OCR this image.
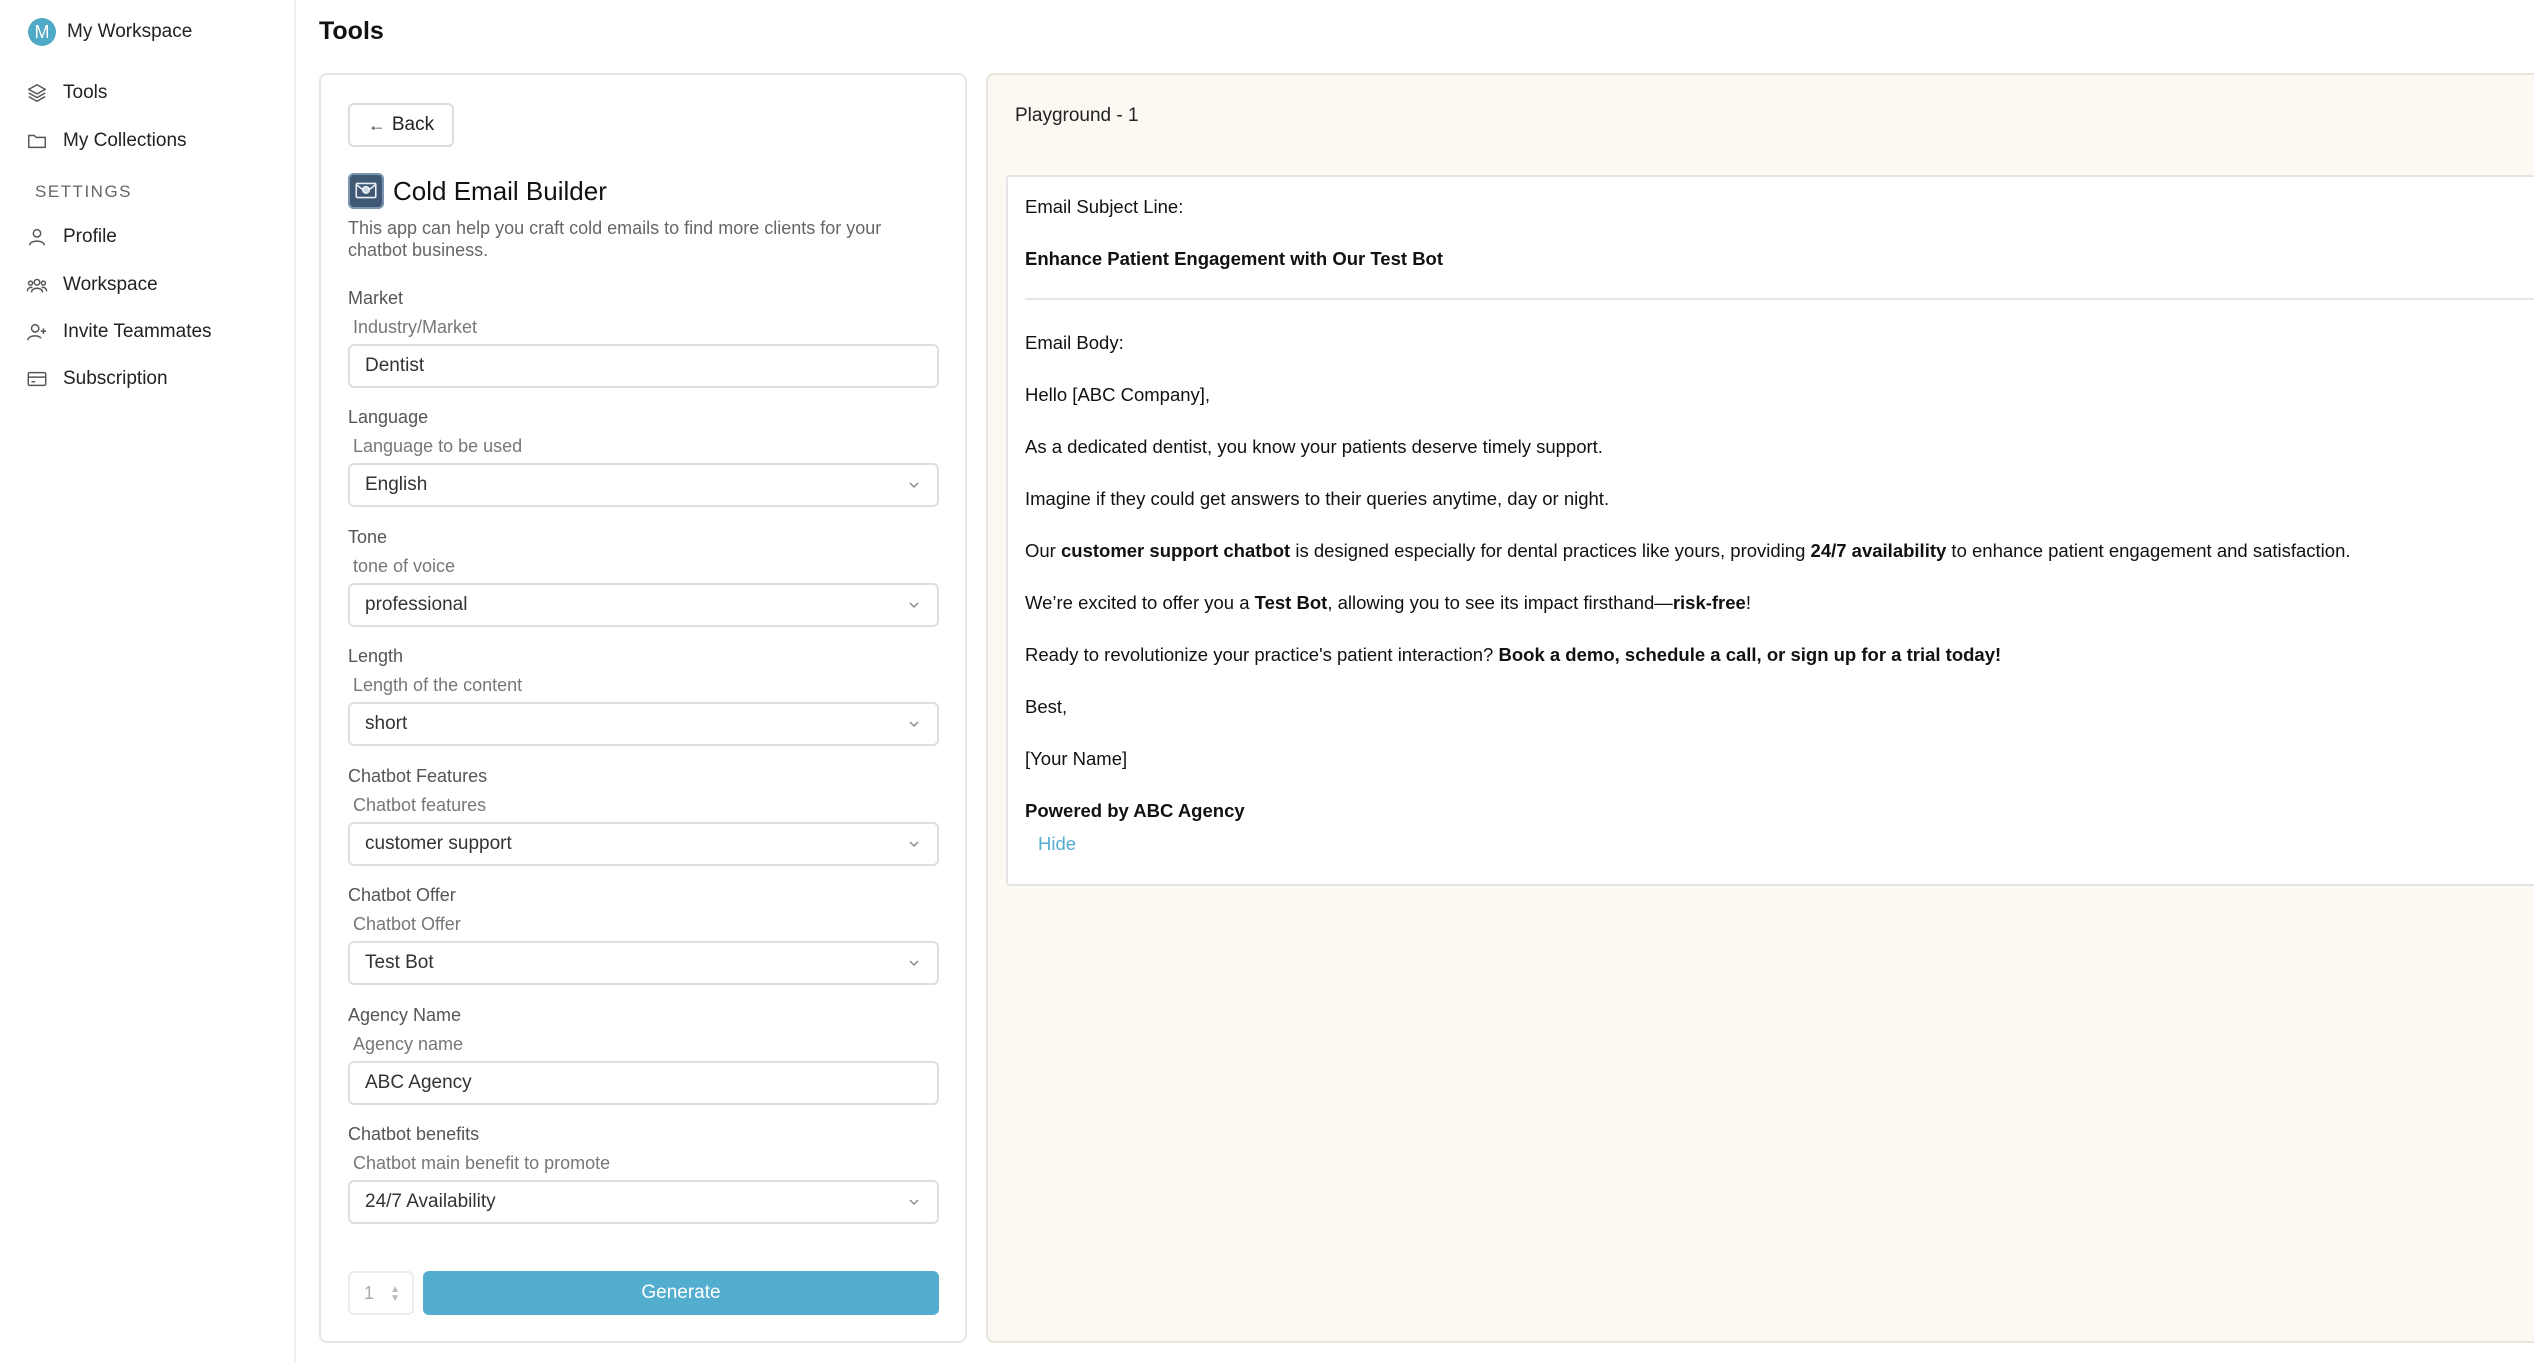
M My Workspace
Tools
My Collections
SETTINGS
Profile
Workspace
Invite Teammates
Subscription
Tools
← Back
Cold Email Builder
This app can help you craft cold emails to find more clients for your chatbot business.
Market
Industry/Market
Dentist
Language
Language to be used
English
Tone
tone of voice
professional
Length
Length of the content
short
Chatbot Features
Chatbot features
customer support
Chatbot Offer
Chatbot Offer
Test Bot
Agency Name
Agency name
ABC Agency
Chatbot benefits
Chatbot main benefit to promote
24/7 Availability
1 ▲
▼	Generate
Playground - 1
Email Subject Line:
Enhance Patient Engagement with Our Test Bot
Email Body:
Hello [ABC Company],
As a dedicated dentist, you know your patients deserve timely support.
Imagine if they could get answers to their queries anytime, day or night.
Our customer support chatbot is designed especially for dental practices like yours, providing 24/7 availability to enhance patient engagement and satisfaction.
We’re excited to offer you a Test Bot, allowing you to see its impact firsthand—risk-free!
Ready to revolutionize your practice's patient interaction? Book a demo, schedule a call, or sign up for a trial today!
Best,
[Your Name]
Powered by ABC Agency
Hide
